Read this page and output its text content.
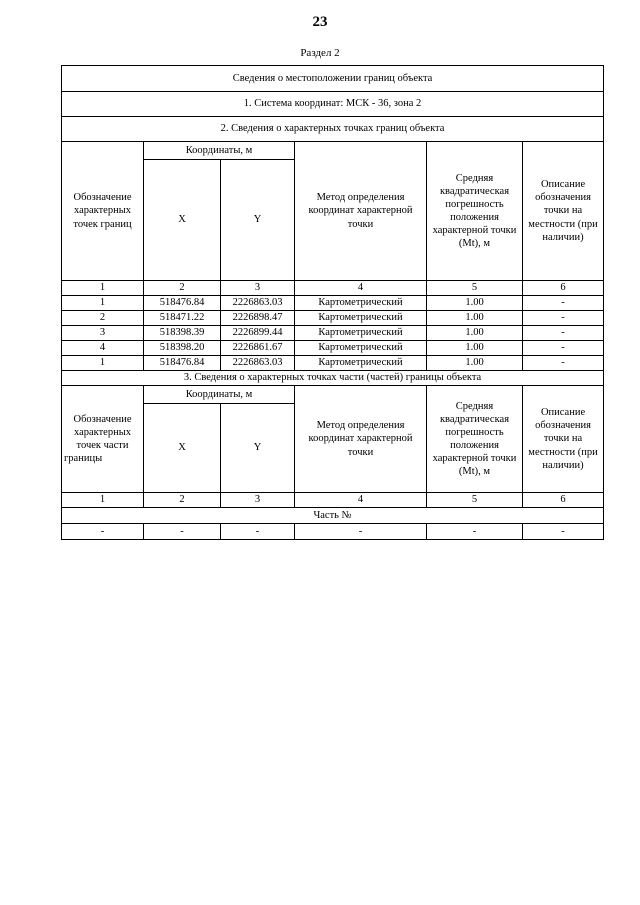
23
Раздел 2
Сведения о местоположении границ объекта					
1. Система координат: МСК - 36, зона 2					
2. Сведения о характерных точках границ объекта					
Обозначение характерных точек границ	Координаты, м		Метод определения координат характерной точки	Средняя квадратическая погрешность положения характерной точки (Mt), м	Описание обозначения точки на местности (при наличии)
	X	Y			
1	2	3	4	5	6
1	518476.84	2226863.03	Картометрический	1.00	-
2	518471.22	2226898.47	Картометрический	1.00	-
3	518398.39	2226899.44	Картометрический	1.00	-
4	518398.20	2226861.67	Картометрический	1.00	-
1	518476.84	2226863.03	Картометрический	1.00	-
3. Сведения о характерных точках части (частей) границы объекта					
Обозначение характерных точек части границы	Координаты, м		Метод определения координат характерной точки	Средняя квадратическая погрешность положения характерной точки (Mt), м	Описание обозначения точки на местности (при наличии)
	X	Y			
1	2	3	4	5	6
Часть №					
-	-	-	-	-	-
